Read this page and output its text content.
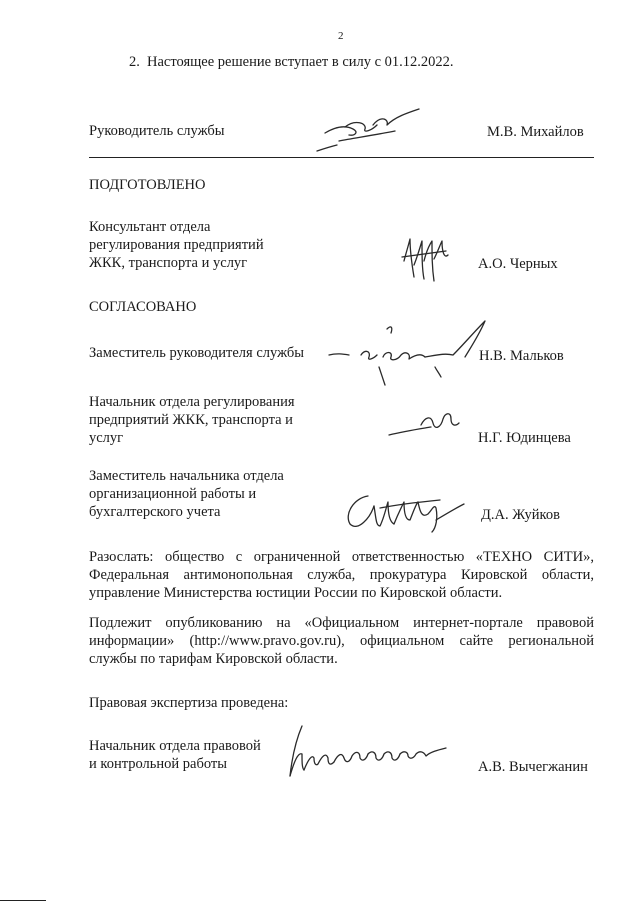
2
2. Настоящее решение вступает в силу с 01.12.2022.
Руководитель службы	М.В. Михайлов
ПОДГОТОВЛЕНО
Консультант отдела
регулирования предприятий
ЖКК, транспорта и услуг	А.О. Черных
СОГЛАСОВАНО
Заместитель руководителя службы	Н.В. Мальков
Начальник отдела регулирования
предприятий ЖКК, транспорта и
услуг	Н.Г. Юдинцева
Заместитель начальника отдела
организационной работы и
бухгалтерского учета	Д.А. Жуйков
Разослать: общество с ограниченной ответственностью «ТЕХНО СИТИ», Федеральная антимонопольная служба, прокуратура Кировской области, управление Министерства юстиции России по Кировской области.
Подлежит опубликованию на «Официальном интернет-портале правовой информации» (http://www.pravo.gov.ru), официальном сайте региональной службы по тарифам Кировской области.
Правовая экспертиза проведена:
Начальник отдела правовой
и контрольной работы	А.В. Вычегжанин
